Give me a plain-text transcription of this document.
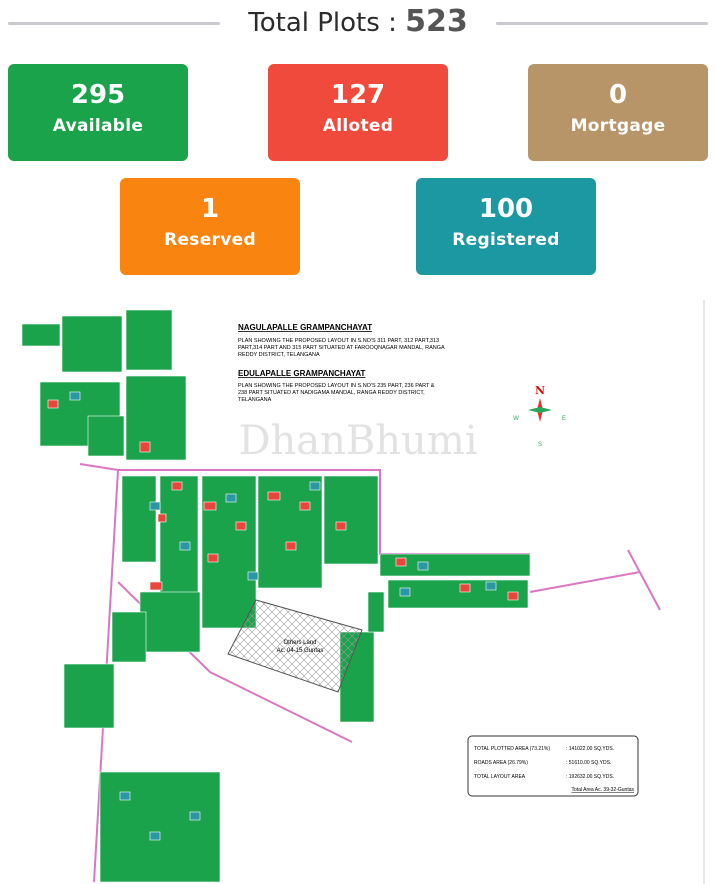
Total Plots : 523
295
Available
127
Alloted
0
Mortgage
1
Reserved
100
Registered
Others Land
Ac. 04-15 Guntas
NAGULAPALLE GRAMPANCHAYAT
PLAN SHOWING THE PROPOSED LAYOUT IN S.NO'S 311 PART, 312 PART,313
PART,314 PART AND 315 PART SITUATED AT FAROOQNAGAR MANDAL, RANGA
REDDY DISTRICT, TELANGANA
EDULAPALLE GRAMPANCHAYAT
PLAN SHOWING THE PROPOSED LAYOUT IN S.NO'S 235 PART, 236 PART &
238 PART SITUATED AT NADIGAMA MANDAL, RANGA REDDY DISTRICT,
TELANGANA
DhanBhumi
N
E
W
S
TOTAL PLOTTED AREA (73.21%)	: 141022.00 SQ.YDS.
ROADS AREA (26.79%)	: 51610.00 SQ.YDS.
TOTAL LAYOUT AREA	: 192632.00 SQ.YDS.
Total Area Ac. 39-32-Guntas
